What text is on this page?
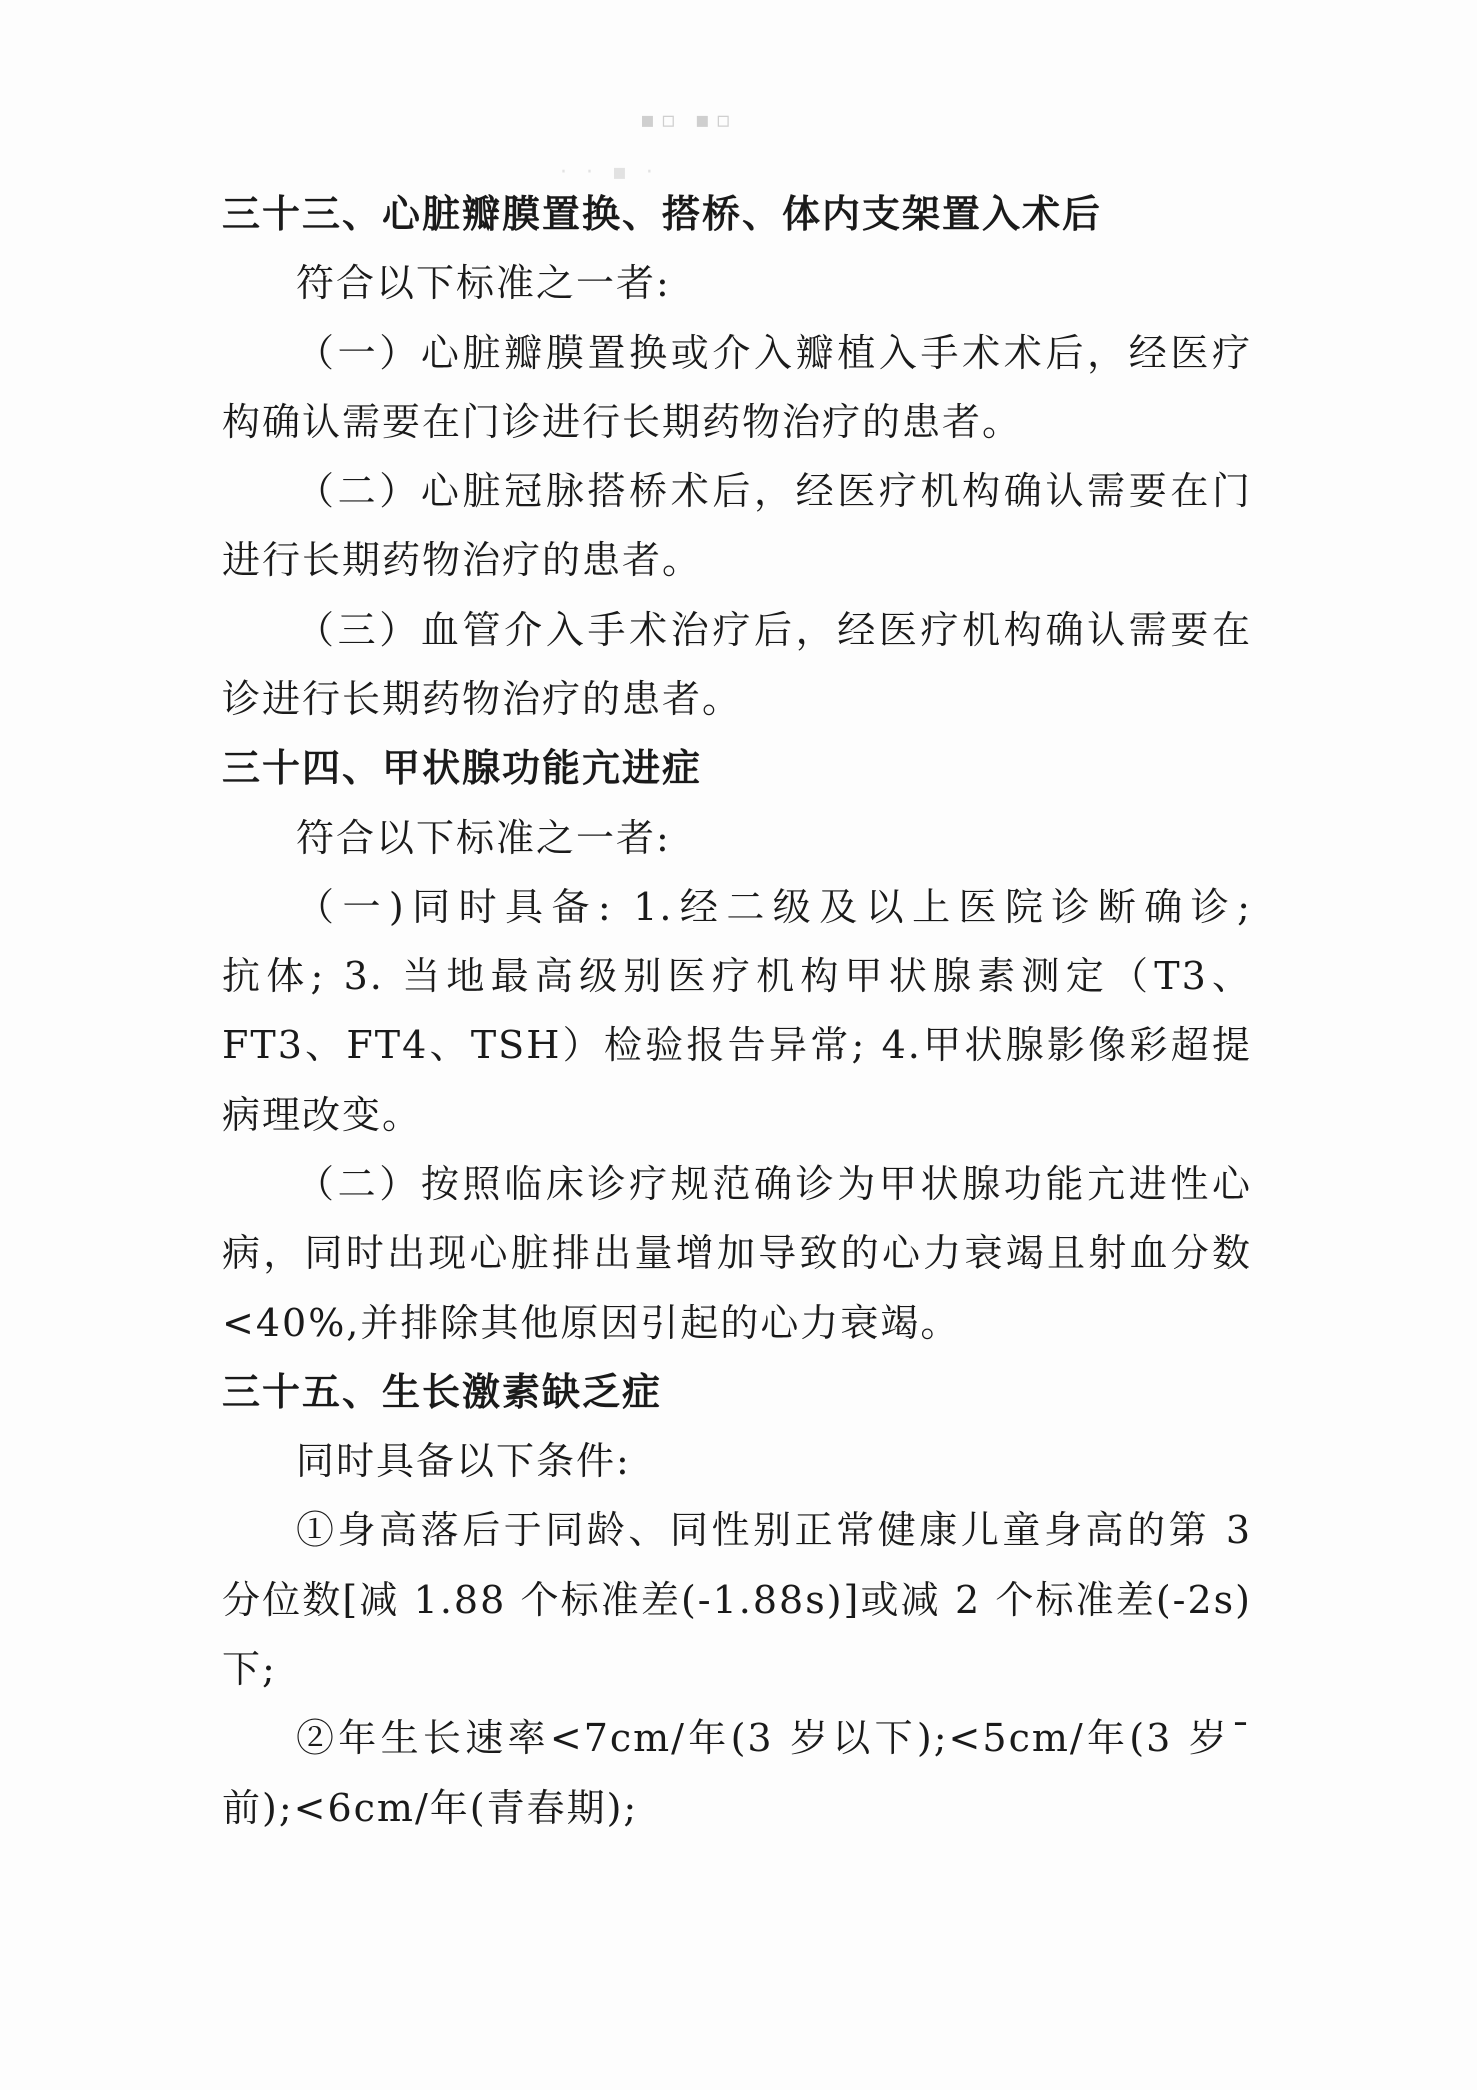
▪▫ ▪▫
· · ▪ ·
三十三、心脏瓣膜置换、搭桥、体内支架置入术后
符合以下标准之一者:
（一）心脏瓣膜置换或介入瓣植入手术术后，经医疗
构确认需要在门诊进行长期药物治疗的患者。
（二）心脏冠脉搭桥术后，经医疗机构确认需要在门
进行长期药物治疗的患者。
（三）血管介入手术治疗后，经医疗机构确认需要在
诊进行长期药物治疗的患者。
三十四、甲状腺功能亢进症
符合以下标准之一者:
（一)同时具备: 1.经二级及以上医院诊断确诊;
抗体; 3. 当地最高级别医疗机构甲状腺素测定（T3、
FT3、FT4、TSH）检验报告异常; 4.甲状腺影像彩超提
病理改变。
（二）按照临床诊疗规范确诊为甲状腺功能亢进性心
病，同时出现心脏排出量增加导致的心力衰竭且射血分数
<40%,并排除其他原因引起的心力衰竭。
三十五、生长激素缺乏症
同时具备以下条件:
①身高落后于同龄、同性别正常健康儿童身高的第 3
分位数[减 1.88 个标准差(-1.88s)]或减 2 个标准差(-2s)
下;
②年生长速率<7cm/年(3 岁以下);<5cm/年(3 岁¯
前);<6cm/年(青春期);
